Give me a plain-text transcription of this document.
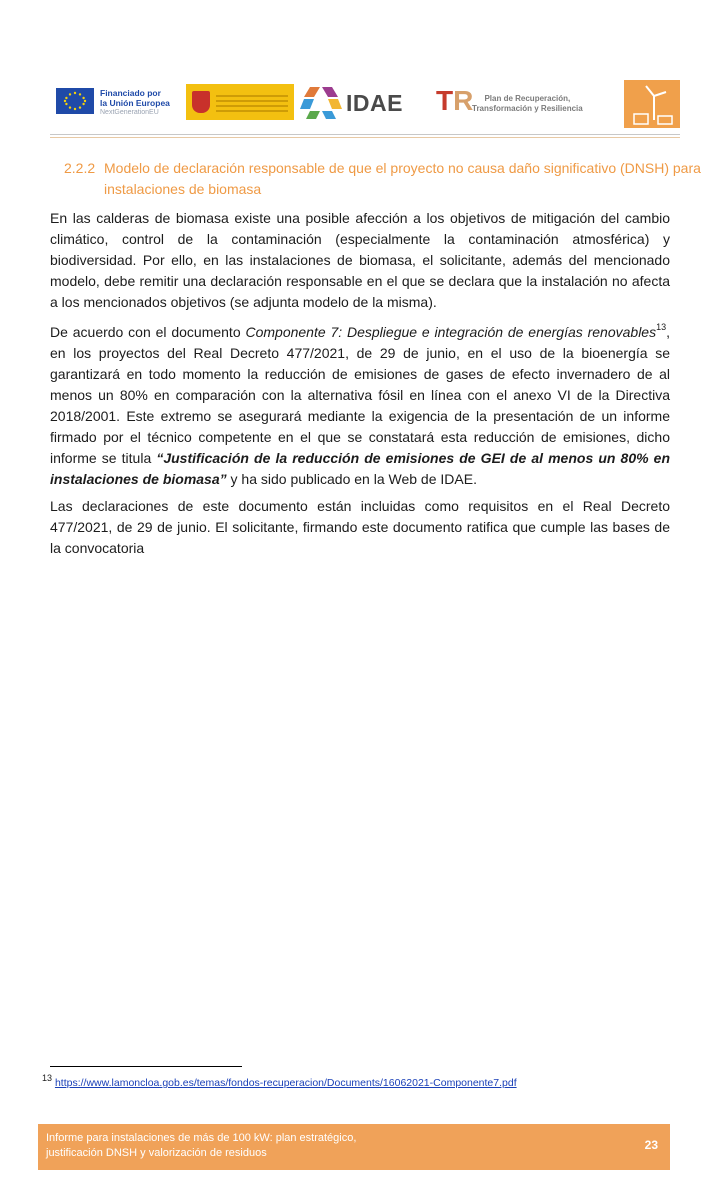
Financiado por
la Unión Europea
NextGenerationEU	IDAE TR	Plan de Recuperación,
Transformación y Resiliencia
2.2.2 Modelo de declaración responsable de que el proyecto no causa daño significativo (DNSH) para instalaciones de biomasa

En las calderas de biomasa existe una posible afección a los objetivos de mitigación del cambio climático, control de la contaminación (especialmente la contaminación atmosférica) y biodiversidad. Por ello, en las instalaciones de biomasa, el solicitante, además del mencionado modelo, debe remitir una declaración responsable en el que se declara que la instalación no afecta a los mencionados objetivos (se adjunta modelo de la misma).

De acuerdo con el documento Componente 7: Despliegue e integración de energías renovables$^{13}$, en los proyectos del Real Decreto 477/2021, de 29 de junio, en el uso de la bioenergía se garantizará en todo momento la reducción de emisiones de gases de efecto invernadero de al menos un 80% en comparación con la alternativa fósil en línea con el anexo VI de la Directiva 2018/2001. Este extremo se asegurará mediante la exigencia de la presentación de un informe firmado por el técnico competente en el que se constatará esta reducción de emisiones, dicho informe se titula “Justificación de la reducción de emisiones de GEI de al menos un 80% en instalaciones de biomasa” y ha sido publicado en la Web de IDAE.

Las declaraciones de este documento están incluidas como requisitos en el Real Decreto 477/2021, de 29 de junio. El solicitante, firmando este documento ratifica que cumple las bases de la convocatoria

$^{13}$ https://www.lamoncloa.gob.es/temas/fondos-recuperacion/Documents/16062021-Componente7.pdf
Informe para instalaciones de más de 100 kW: plan estratégico,
justificación DNSH y valorización de residuos
23
